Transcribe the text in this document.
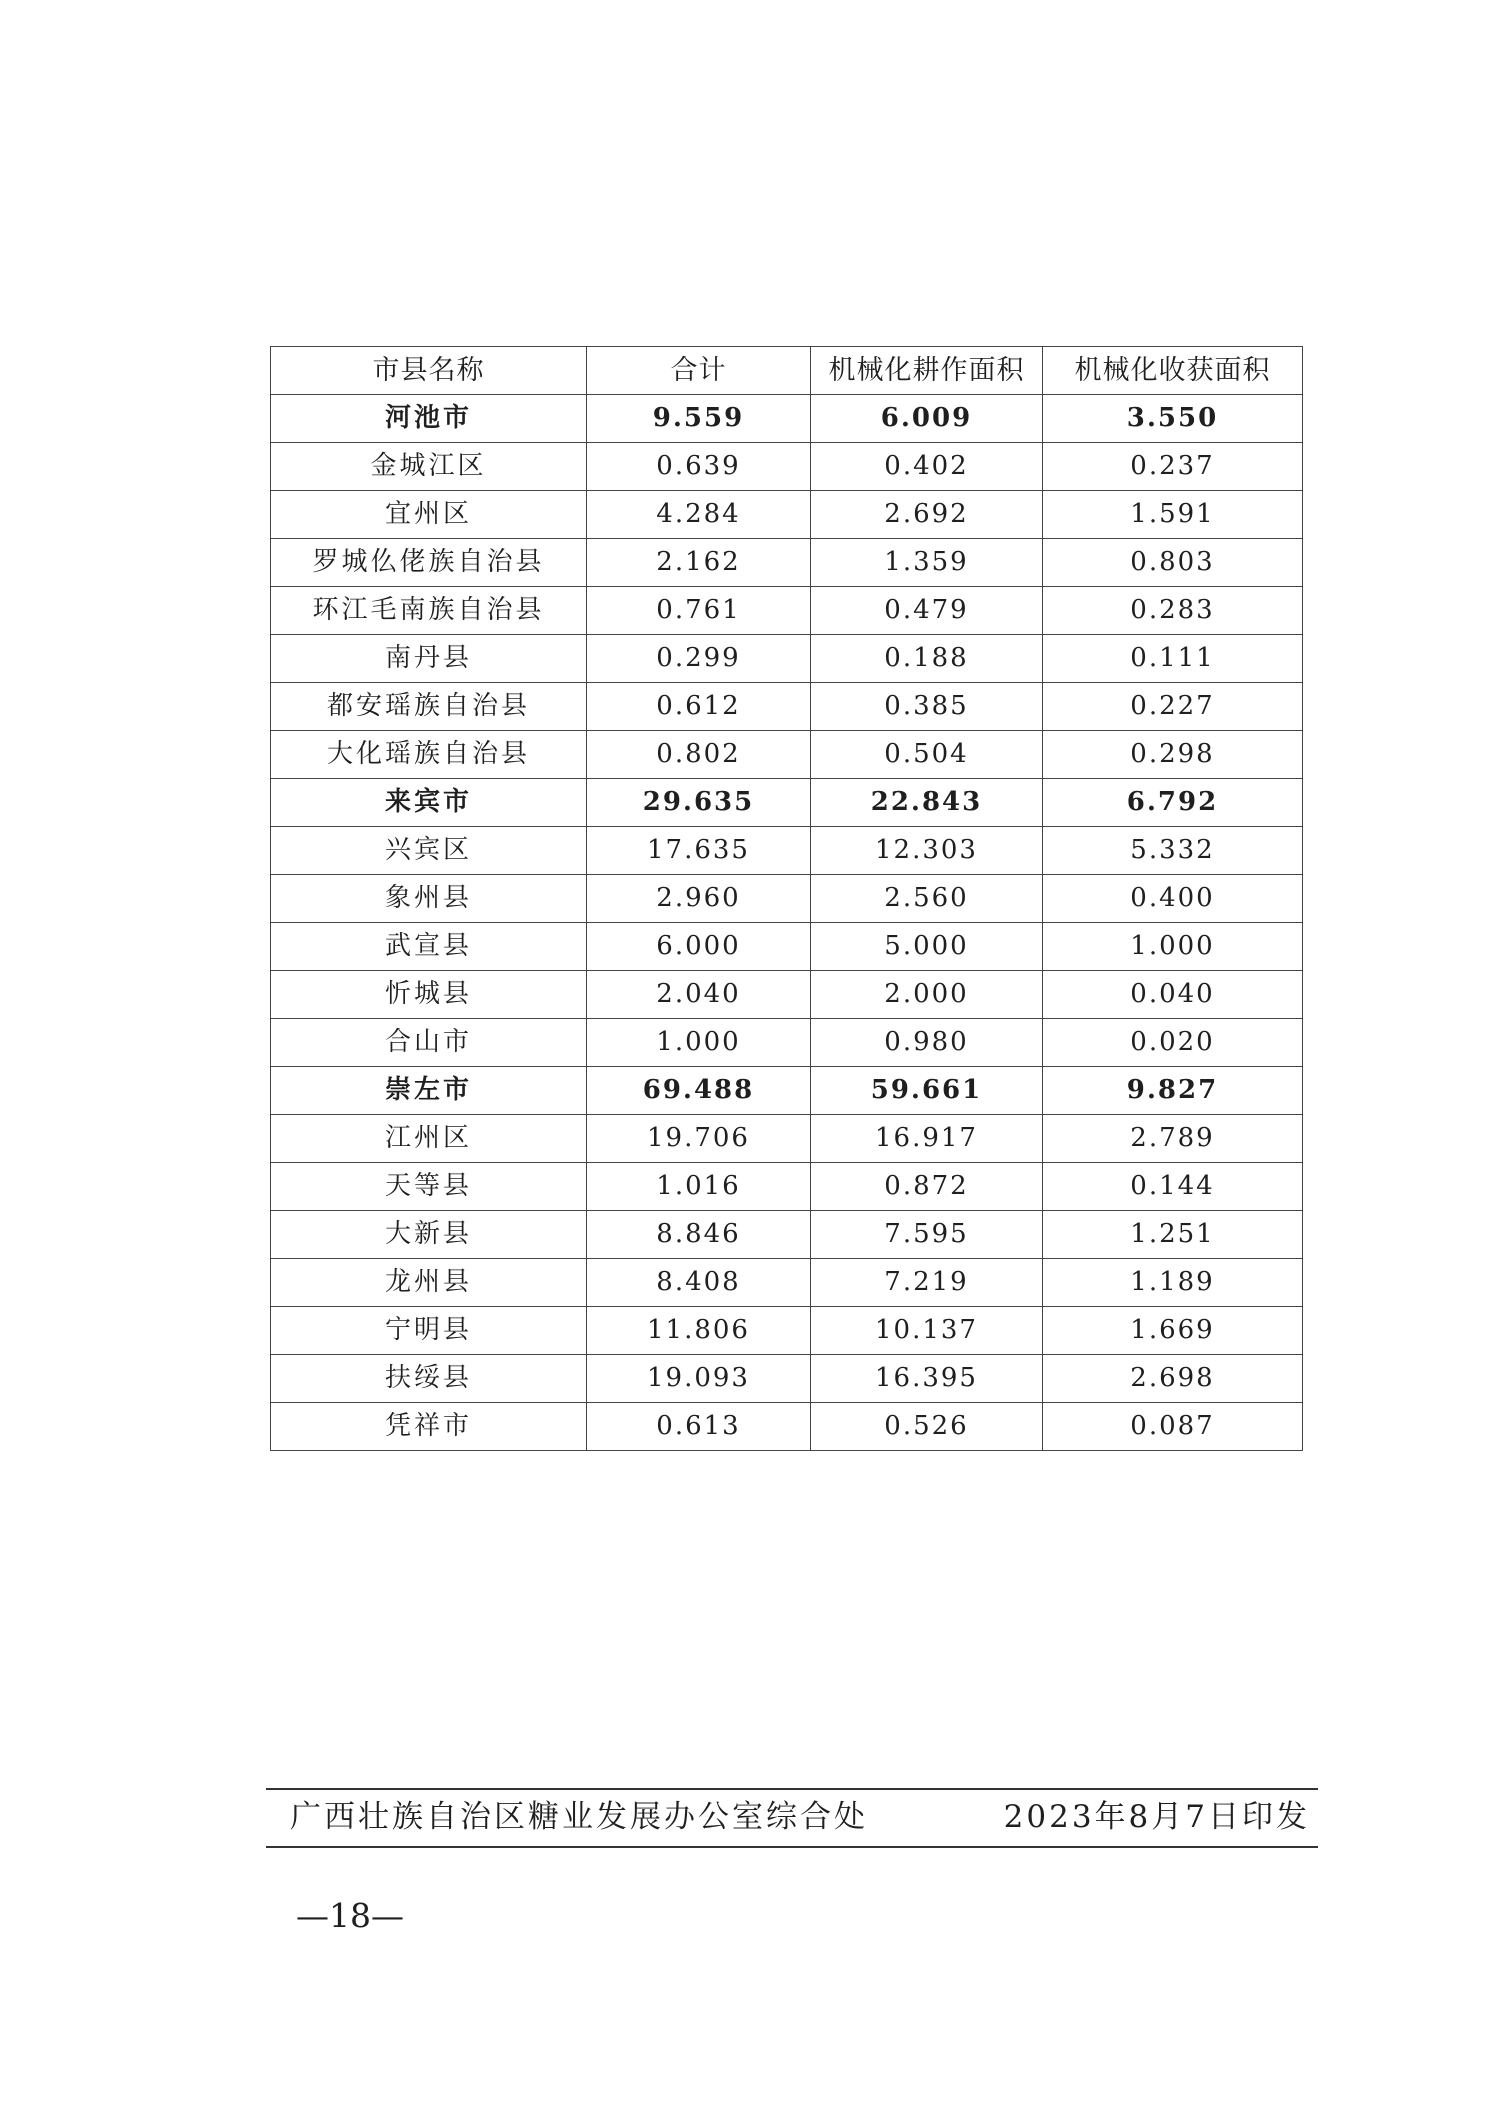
市县名称	合计	机械化耕作面积	机械化收获面积
河池市	9.559	6.009	3.550
金城江区	0.639	0.402	0.237
宜州区	4.284	2.692	1.591
罗城仫佬族自治县	2.162	1.359	0.803
环江毛南族自治县	0.761	0.479	0.283
南丹县	0.299	0.188	0.111
都安瑶族自治县	0.612	0.385	0.227
大化瑶族自治县	0.802	0.504	0.298
来宾市	29.635	22.843	6.792
兴宾区	17.635	12.303	5.332
象州县	2.960	2.560	0.400
武宣县	6.000	5.000	1.000
忻城县	2.040	2.000	0.040
合山市	1.000	0.980	0.020
崇左市	69.488	59.661	9.827
江州区	19.706	16.917	2.789
天等县	1.016	0.872	0.144
大新县	8.846	7.595	1.251
龙州县	8.408	7.219	1.189
宁明县	11.806	10.137	1.669
扶绥县	19.093	16.395	2.698
凭祥市	0.613	0.526	0.087
广西壮族自治区糖业发展办公室综合处	2023年8月7日印发
—18—
